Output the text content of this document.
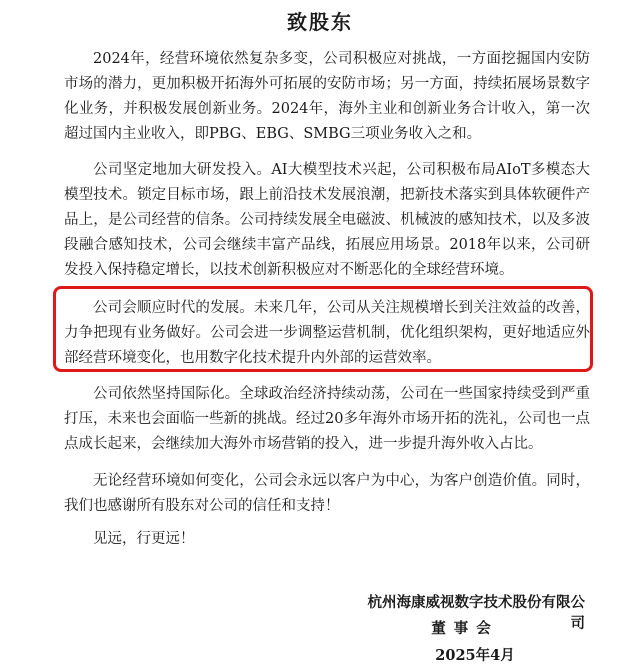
致股东

2024年，经营环境依然复杂多变，公司积极应对挑战，一方面挖掘国内安防市场的潜力，更加积极开拓海外可拓展的安防市场；另一方面，持续拓展场景数字化业务，并积极发展创新业务。2024年，海外主业和创新业务合计收入，第一次超过国内主业收入，即PBG、EBG、SMBG三项业务收入之和。

公司坚定地加大研发投入。AI大模型技术兴起，公司积极布局AIoT多模态大模型技术。锁定目标市场，跟上前沿技术发展浪潮，把新技术落实到具体软硬件产品上，是公司经营的信条。公司持续发展全电磁波、机械波的感知技术，以及多波段融合感知技术，公司会继续丰富产品线，拓展应用场景。2018年以来，公司研发投入保持稳定增长，以技术创新积极应对不断恶化的全球经营环境。

公司会顺应时代的发展。未来几年，公司从关注规模增长到关注效益的改善，力争把现有业务做好。公司会进一步调整运营机制，优化组织架构，更好地适应外部经营环境变化，也用数字化技术提升内外部的运营效率。

公司依然坚持国际化。全球政治经济持续动荡，公司在一些国家持续受到严重打压，未来也会面临一些新的挑战。经过20多年海外市场开拓的洗礼，公司也一点点成长起来，会继续加大海外市场营销的投入，进一步提升海外收入占比。

无论经营环境如何变化，公司会永远以客户为中心，为客户创造价值。同时，我们也感谢所有股东对公司的信任和支持！

见远，行更远！

杭州海康威视数字技术股份有限公司
董事会
2025年4月
